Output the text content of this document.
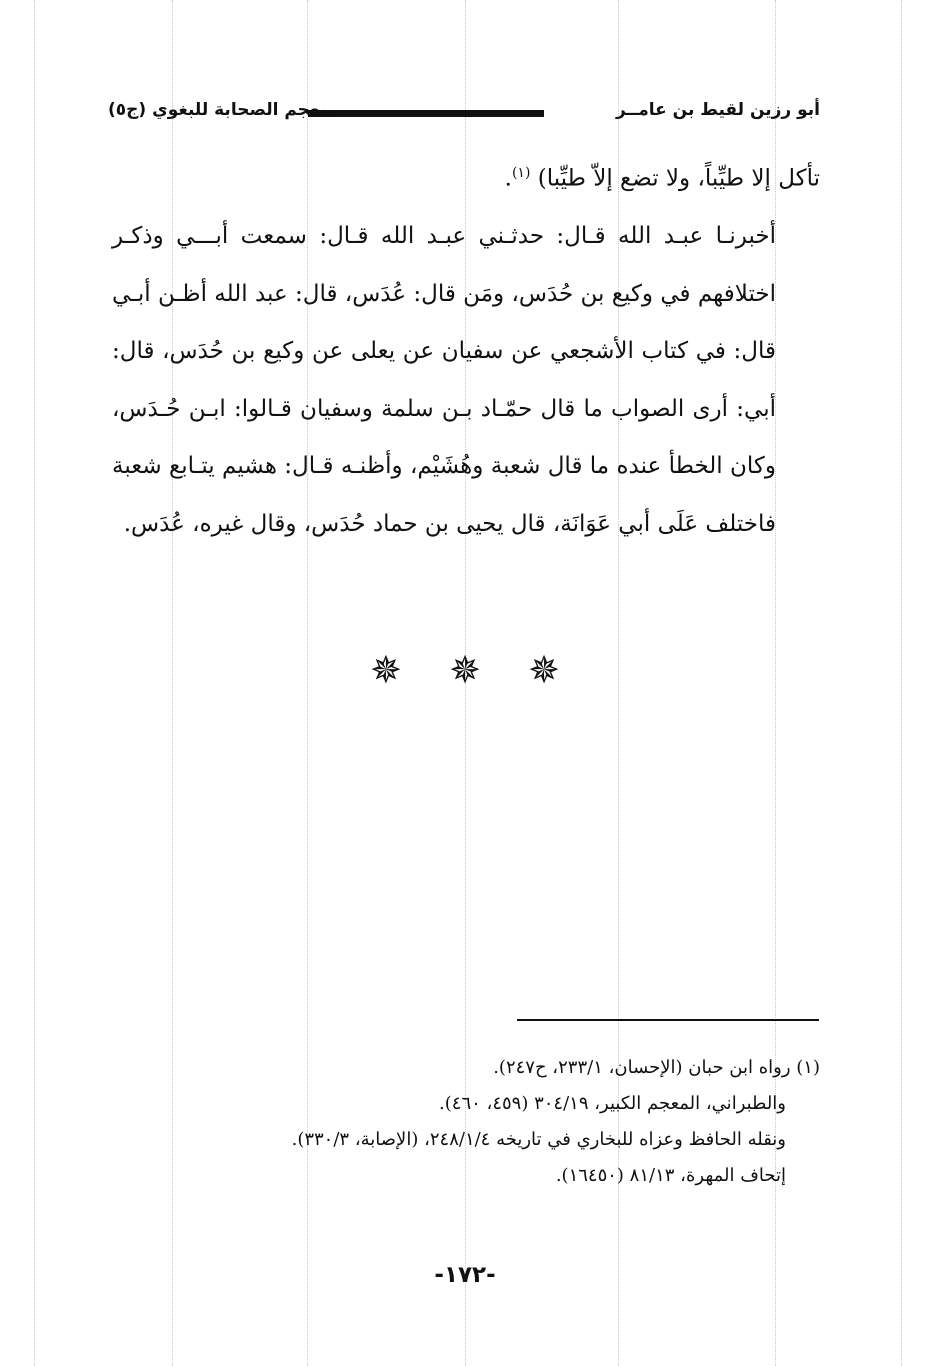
أبو رزين لقيط بن عامــر
معجم الصحابة للبغوي (ج٥)

تأكل إلا طيِّباً، ولا تضع إلاّ طيِّبا) $^{(١)}$.

أخبرنـا عبـد الله قـال: حدثـني عبـد الله قـال: سمعت أبـــي وذكـر اختلافهم في وكيع بن حُدَس، ومَن قال: عُدَس، قال: عبد الله أظـن أبـي قال: في كتاب الأشجعي عن سفيان عن يعلى عن وكيع بن حُدَس، قال: أبي: أرى الصواب ما قال حمّـاد بـن سلمة وسفيان قـالوا: ابـن حُـدَس، وكان الخطأ عنده ما قال شعبة وهُشَيْم، وأظنـه قـال: هشيم يتـابع شعبة فاختلف عَلَى أبي عَوَانَة، قال يحيى بن حماد حُدَس، وقال غيره، عُدَس.

✵ ✵ ✵

(١) رواه ابن حبان (الإحسان، ٢٣٣/١، ح٢٤٧).

والطبراني، المعجم الكبير، ٣٠٤/١٩ (٤٥٩، ٤٦٠).

ونقله الحافظ وعزاه للبخاري في تاريخه ٢٤٨/١/٤، (الإصابة، ٣٣٠/٣).

إتحاف المهرة، ٨١/١٣ (١٦٤٥٠).

-١٧٢-
